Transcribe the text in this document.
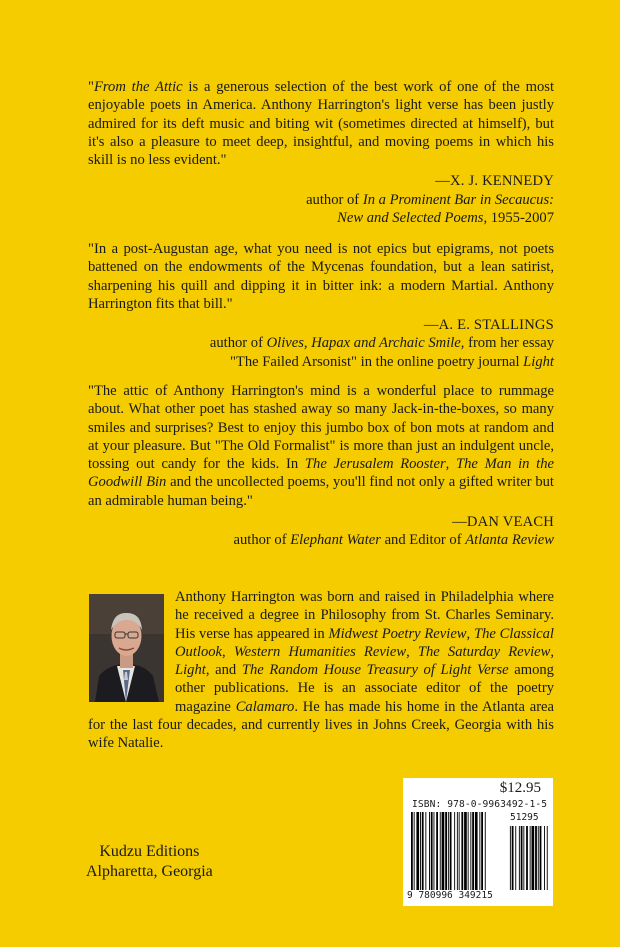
"From the Attic is a generous selection of the best work of one of the most enjoyable poets in America. Anthony Harrington's light verse has been justly admired for its deft music and biting wit (sometimes directed at himself), but it's also a pleasure to meet deep, insightful, and moving poems in which his skill is no less evident."

—X. J. KENNEDY
author of In a Prominent Bar in Secaucus:
New and Selected Poems, 1955-2007

"In a post-Augustan age, what you need is not epics but epigrams, not poets battened on the endowments of the Mycenas foundation, but a lean satirist, sharpening his quill and dipping it in bitter ink: a modern Martial. Anthony Harrington fits that bill."

—A. E. STALLINGS
author of Olives, Hapax and Archaic Smile, from her essay
"The Failed Arsonist" in the online poetry journal Light

"The attic of Anthony Harrington's mind is a wonderful place to rummage about. What other poet has stashed away so many Jack-in-the-boxes, so many smiles and surprises? Best to enjoy this jumbo box of bon mots at random and at your pleasure. But "The Old Formalist" is more than just an indulgent uncle, tossing out candy for the kids. In The Jerusalem Rooster, The Man in the Goodwill Bin and the uncollected poems, you'll find not only a gifted writer but an admirable human being."

—DAN VEACH
author of Elephant Water and Editor of Atlanta Review
Anthony Harrington was born and raised in Philadelphia where he received a degree in Philosophy from St. Charles Seminary. His verse has appeared in Midwest Poetry Review, The Classical Outlook, Western Humanities Review, The Saturday Review, Light, and The Random House Treasury of Light Verse among other publications. He is an associate editor of the poetry magazine Calamaro. He has made his home in the Atlanta area for the last four decades, and currently lives in Johns Creek, Georgia with his wife Natalie.
Kudzu Editions
Alpharetta, Georgia
$12.95
ISBN: 978-0-9963492-1-5
51295
9 780996 349215
